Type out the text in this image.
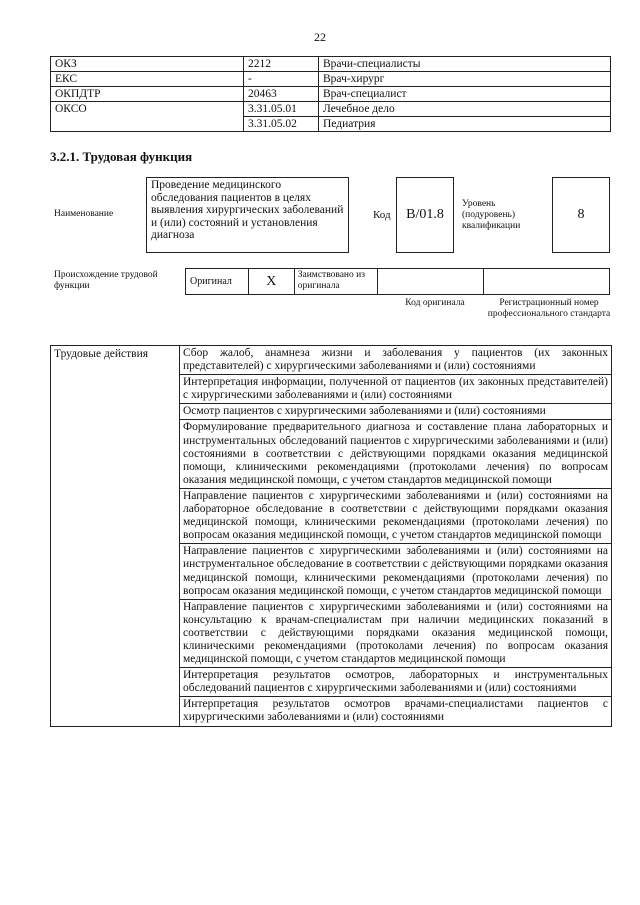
22
ОКЗ	2212	Врачи-специалисты
ЕКС	-	Врач-хирург
ОКПДТР	20463	Врач-специалист
ОКСО	3.31.05.01	Лечебное дело
	3.31.05.02	Педиатрия
3.2.1. Трудовая функция
Наименование
Проведение медицинского обследования пациентов в целях выявления хирургических заболеваний и (или) состояний и установления диагноза
Код	B/01.8
Уровень (подуровень) квалификации
8
Происхождение трудовой функции	Оригинал	X	Заимствовано из оригинала
Код оригинала	Регистрационный номер профессионального стандарта
Трудовые действия	Сбор жалоб, анамнеза жизни и заболевания у пациентов (их законных представителей) с хирургическими заболеваниями и (или) состояниями
Интерпретация информации, полученной от пациентов (их законных представителей) с хирургическими заболеваниями и (или) состояниями
Осмотр пациентов с хирургическими заболеваниями и (или) состояниями
Формулирование предварительного диагноза и составление плана лабораторных и инструментальных обследований пациентов с хирургическими заболеваниями и (или) состояниями в соответствии с действующими порядками оказания медицинской помощи, клиническими рекомендациями (протоколами лечения) по вопросам оказания медицинской помощи, с учетом стандартов медицинской помощи
Направление пациентов с хирургическими заболеваниями и (или) состояниями на лабораторное обследование в соответствии с действующими порядками оказания медицинской помощи, клиническими рекомендациями (протоколами лечения) по вопросам оказания медицинской помощи, с учетом стандартов медицинской помощи
Направление пациентов с хирургическими заболеваниями и (или) состояниями на инструментальное обследование в соответствии с действующими порядками оказания медицинской помощи, клиническими рекомендациями (протоколами лечения) по вопросам оказания медицинской помощи, с учетом стандартов медицинской помощи
Направление пациентов с хирургическими заболеваниями и (или) состояниями на консультацию к врачам-специалистам при наличии медицинских показаний в соответствии с действующими порядками оказания медицинской помощи, клиническими рекомендациями (протоколами лечения) по вопросам оказания медицинской помощи, с учетом стандартов медицинской помощи
Интерпретация результатов осмотров, лабораторных и инструментальных обследований пациентов с хирургическими заболеваниями и (или) состояниями
Интерпретация результатов осмотров врачами-специалистами пациентов с хирургическими заболеваниями и (или) состояниями
